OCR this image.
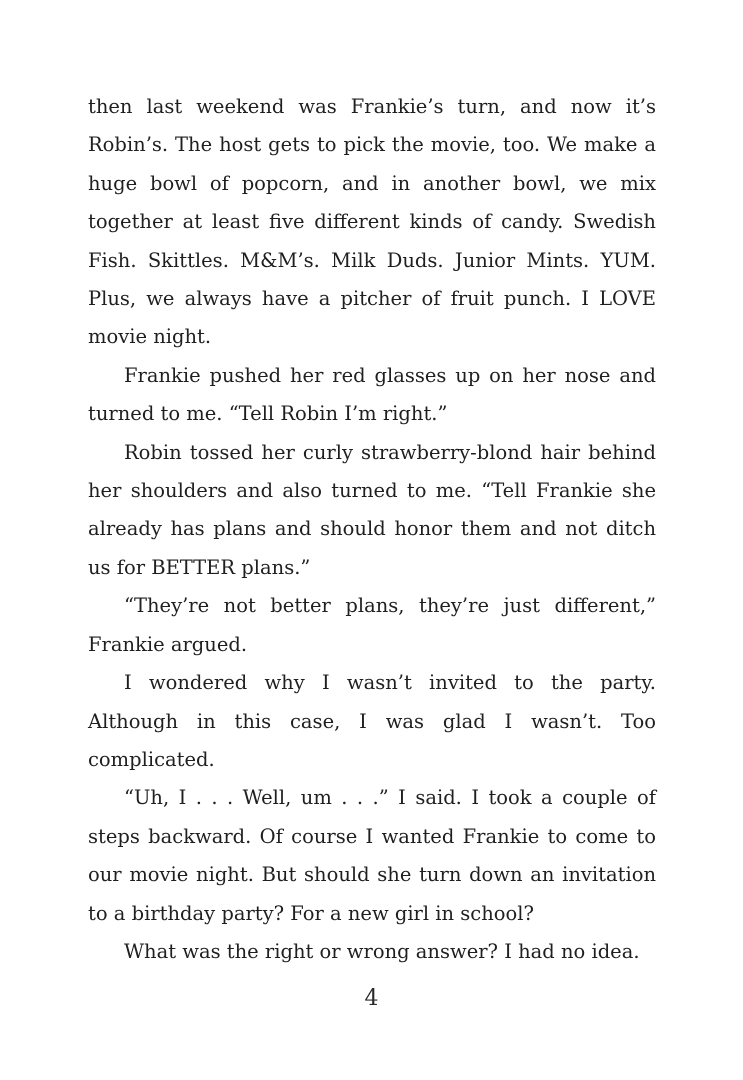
then last weekend was Frankie’s turn, and now it’s Robin’s. The host gets to pick the movie, too. We make a huge bowl of popcorn, and in another bowl, we mix together at least five different kinds of candy. Swedish Fish. Skittles. M&M’s. Milk Duds. Junior Mints. YUM. Plus, we always have a pitcher of fruit punch. I LOVE movie night.

Frankie pushed her red glasses up on her nose and turned to me. “Tell Robin I’m right.”

Robin tossed her curly strawberry-blond hair behind her shoulders and also turned to me. “Tell Frankie she already has plans and should honor them and not ditch us for BETTER plans.”

“They’re not better plans, they’re just different,” Frankie argued.

I wondered why I wasn’t invited to the party. Although in this case, I was glad I wasn’t. Too complicated.

“Uh, I . . . Well, um . . .” I said. I took a couple of steps backward. Of course I wanted Frankie to come to our movie night. But should she turn down an invitation to a birthday party? For a new girl in school?

What was the right or wrong answer? I had no idea.

4
